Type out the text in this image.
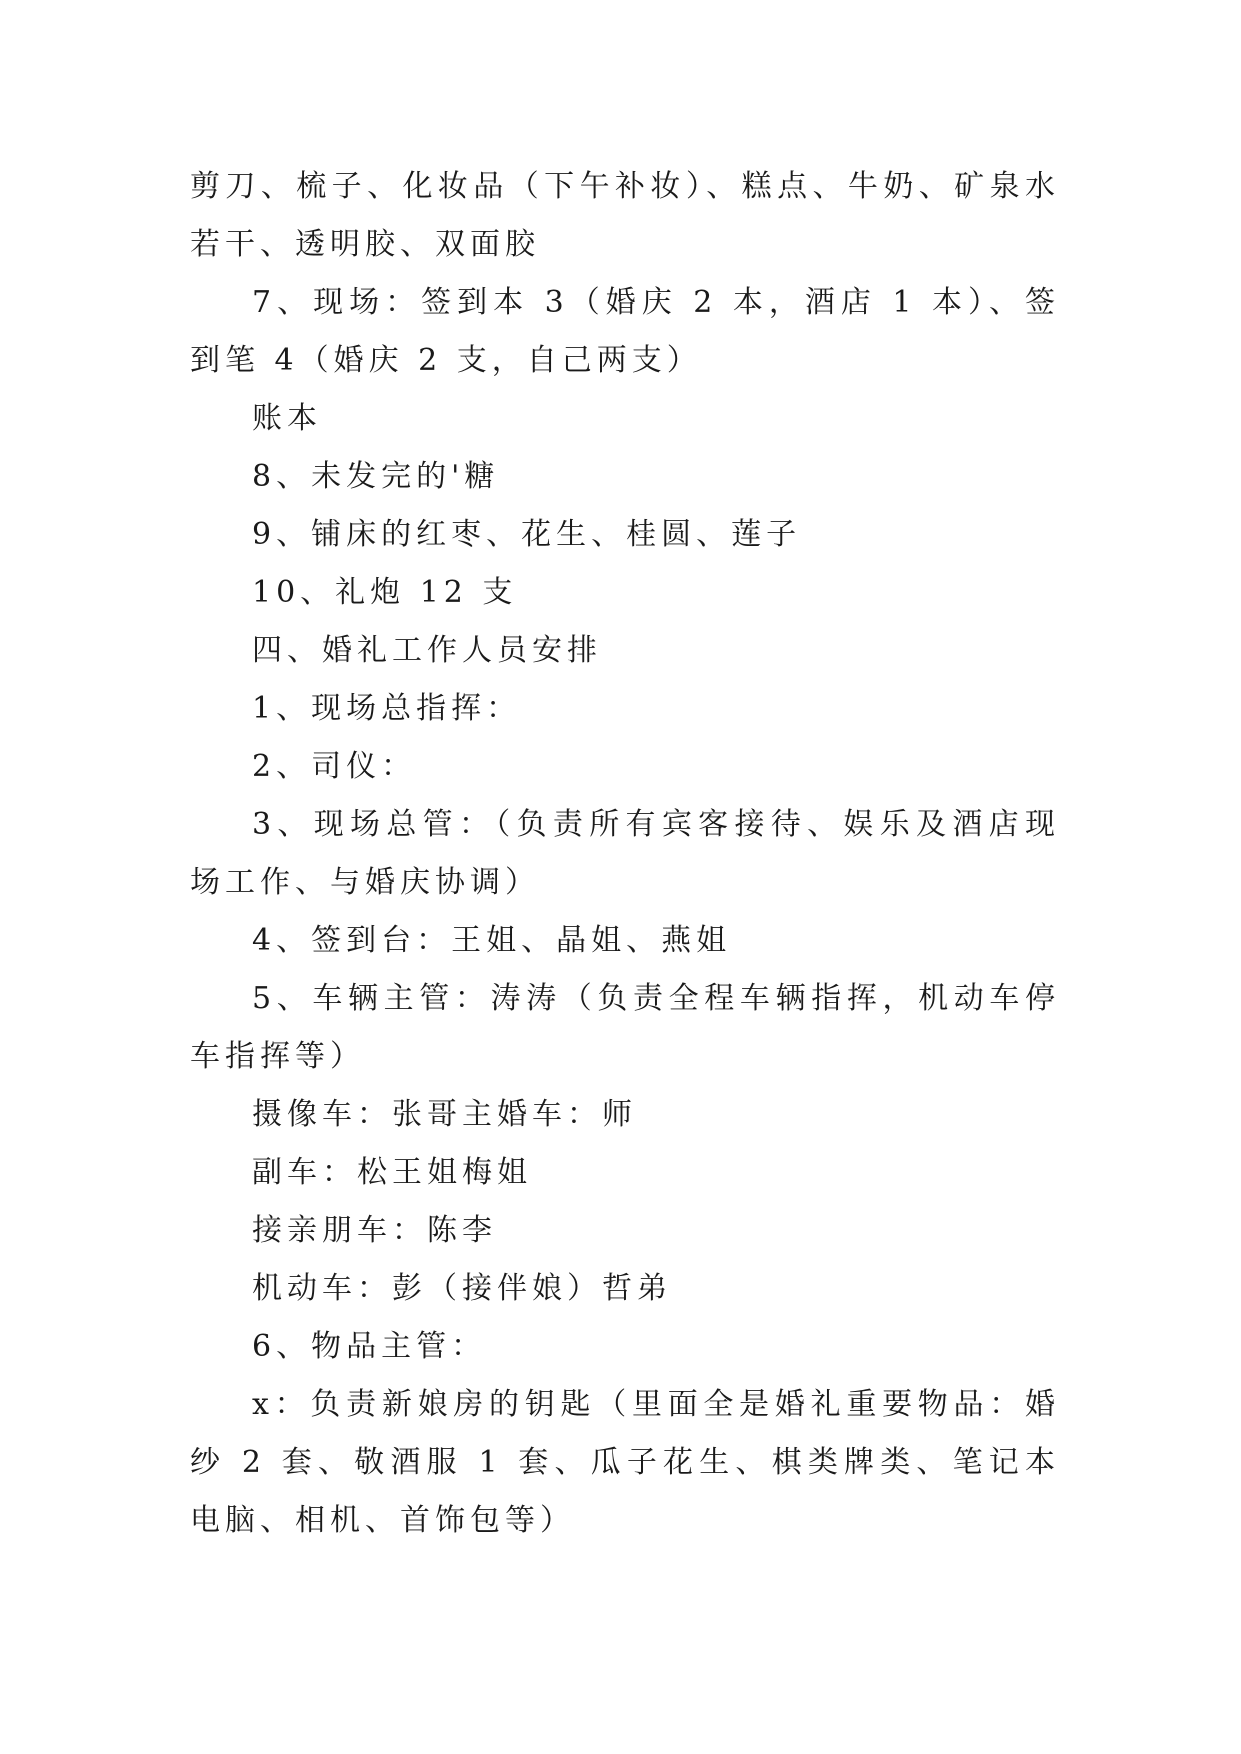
剪刀、梳子、化妆品（下午补妆）、糕点、牛奶、矿泉水若干、透明胶、双面胶

7、现场：签到本 3（婚庆 2 本，酒店 1 本）、签到笔 4（婚庆 2 支，自己两支）

账本

8、未发完的'糖

9、铺床的红枣、花生、桂圆、莲子

10、礼炮 12 支

四、婚礼工作人员安排

1、现场总指挥：

2、司仪：

3、现场总管：（负责所有宾客接待、娱乐及酒店现场工作、与婚庆协调）

4、签到台：王姐、晶姐、燕姐

5、车辆主管：涛涛（负责全程车辆指挥，机动车停车指挥等）

摄像车：张哥主婚车：师

副车：松王姐梅姐

接亲朋车：陈李

机动车：彭（接伴娘）哲弟

6、物品主管：

x：负责新娘房的钥匙（里面全是婚礼重要物品：婚纱 2 套、敬酒服 1 套、瓜子花生、棋类牌类、笔记本电脑、相机、首饰包等）
